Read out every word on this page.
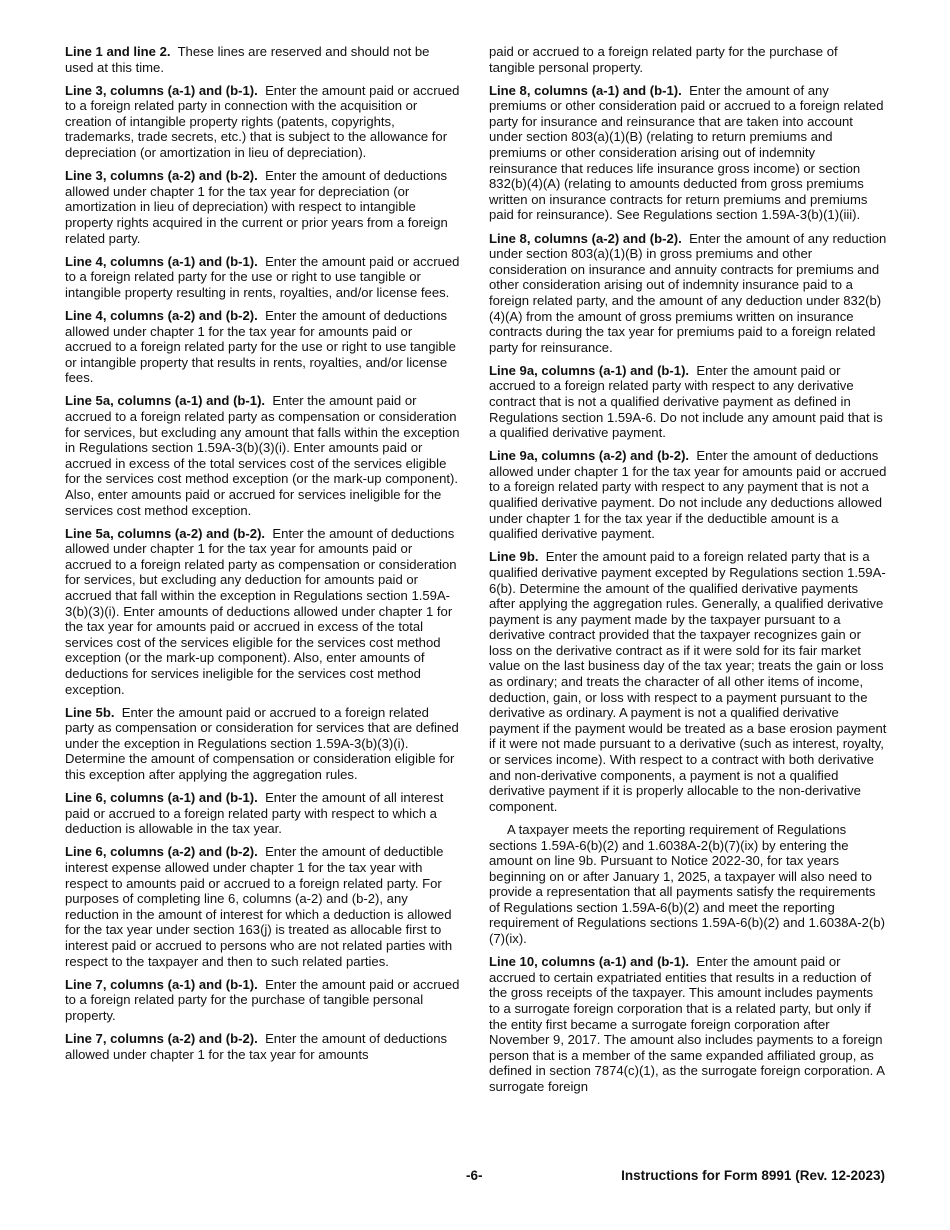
Line 1 and line 2. These lines are reserved and should not be used at this time.

Line 3, columns (a-1) and (b-1). Enter the amount paid or accrued to a foreign related party in connection with the acquisition or creation of intangible property rights (patents, copyrights, trademarks, trade secrets, etc.) that is subject to the allowance for depreciation (or amortization in lieu of depreciation).

Line 3, columns (a-2) and (b-2). Enter the amount of deductions allowed under chapter 1 for the tax year for depreciation (or amortization in lieu of depreciation) with respect to intangible property rights acquired in the current or prior years from a foreign related party.

Line 4, columns (a-1) and (b-1). Enter the amount paid or accrued to a foreign related party for the use or right to use tangible or intangible property resulting in rents, royalties, and/or license fees.

Line 4, columns (a-2) and (b-2). Enter the amount of deductions allowed under chapter 1 for the tax year for amounts paid or accrued to a foreign related party for the use or right to use tangible or intangible property that results in rents, royalties, and/or license fees.

Line 5a, columns (a-1) and (b-1). Enter the amount paid or accrued to a foreign related party as compensation or consideration for services, but excluding any amount that falls within the exception in Regulations section 1.59A-3(b)(3)(i). Enter amounts paid or accrued in excess of the total services cost of the services eligible for the services cost method exception (or the mark-up component). Also, enter amounts paid or accrued for services ineligible for the services cost method exception.

Line 5a, columns (a-2) and (b-2). Enter the amount of deductions allowed under chapter 1 for the tax year for amounts paid or accrued to a foreign related party as compensation or consideration for services, but excluding any deduction for amounts paid or accrued that fall within the exception in Regulations section 1.59A-3(b)(3)(i). Enter amounts of deductions allowed under chapter 1 for the tax year for amounts paid or accrued in excess of the total services cost of the services eligible for the services cost method exception (or the mark-up component). Also, enter amounts of deductions for services ineligible for the services cost method exception.

Line 5b. Enter the amount paid or accrued to a foreign related party as compensation or consideration for services that are defined under the exception in Regulations section 1.59A-3(b)(3)(i). Determine the amount of compensation or consideration eligible for this exception after applying the aggregation rules.

Line 6, columns (a-1) and (b-1). Enter the amount of all interest paid or accrued to a foreign related party with respect to which a deduction is allowable in the tax year.

Line 6, columns (a-2) and (b-2). Enter the amount of deductible interest expense allowed under chapter 1 for the tax year with respect to amounts paid or accrued to a foreign related party. For purposes of completing line 6, columns (a-2) and (b-2), any reduction in the amount of interest for which a deduction is allowed for the tax year under section 163(j) is treated as allocable first to interest paid or accrued to persons who are not related parties with respect to the taxpayer and then to such related parties.

Line 7, columns (a-1) and (b-1). Enter the amount paid or accrued to a foreign related party for the purchase of tangible personal property.

Line 7, columns (a-2) and (b-2). Enter the amount of deductions allowed under chapter 1 for the tax year for amounts

paid or accrued to a foreign related party for the purchase of tangible personal property.

Line 8, columns (a-1) and (b-1). Enter the amount of any premiums or other consideration paid or accrued to a foreign related party for insurance and reinsurance that are taken into account under section 803(a)(1)(B) (relating to return premiums and premiums or other consideration arising out of indemnity reinsurance that reduces life insurance gross income) or section 832(b)(4)(A) (relating to amounts deducted from gross premiums written on insurance contracts for return premiums and premiums paid for reinsurance). See Regulations section 1.59A-3(b)(1)(iii).

Line 8, columns (a-2) and (b-2). Enter the amount of any reduction under section 803(a)(1)(B) in gross premiums and other consideration on insurance and annuity contracts for premiums and other consideration arising out of indemnity insurance paid to a foreign related party, and the amount of any deduction under 832(b)(4)(A) from the amount of gross premiums written on insurance contracts during the tax year for premiums paid to a foreign related party for reinsurance.

Line 9a, columns (a-1) and (b-1). Enter the amount paid or accrued to a foreign related party with respect to any derivative contract that is not a qualified derivative payment as defined in Regulations section 1.59A-6. Do not include any amount paid that is a qualified derivative payment.

Line 9a, columns (a-2) and (b-2). Enter the amount of deductions allowed under chapter 1 for the tax year for amounts paid or accrued to a foreign related party with respect to any payment that is not a qualified derivative payment. Do not include any deductions allowed under chapter 1 for the tax year if the deductible amount is a qualified derivative payment.

Line 9b. Enter the amount paid to a foreign related party that is a qualified derivative payment excepted by Regulations section 1.59A-6(b). Determine the amount of the qualified derivative payments after applying the aggregation rules. Generally, a qualified derivative payment is any payment made by the taxpayer pursuant to a derivative contract provided that the taxpayer recognizes gain or loss on the derivative contract as if it were sold for its fair market value on the last business day of the tax year; treats the gain or loss as ordinary; and treats the character of all other items of income, deduction, gain, or loss with respect to a payment pursuant to the derivative as ordinary. A payment is not a qualified derivative payment if the payment would be treated as a base erosion payment if it were not made pursuant to a derivative (such as interest, royalty, or services income). With respect to a contract with both derivative and non-derivative components, a payment is not a qualified derivative payment if it is properly allocable to the non-derivative component.

A taxpayer meets the reporting requirement of Regulations sections 1.59A-6(b)(2) and 1.6038A-2(b)(7)(ix) by entering the amount on line 9b. Pursuant to Notice 2022-30, for tax years beginning on or after January 1, 2025, a taxpayer will also need to provide a representation that all payments satisfy the requirements of Regulations section 1.59A-6(b)(2) and meet the reporting requirement of Regulations sections 1.59A-6(b)(2) and 1.6038A-2(b)(7)(ix).

Line 10, columns (a-1) and (b-1). Enter the amount paid or accrued to certain expatriated entities that results in a reduction of the gross receipts of the taxpayer. This amount includes payments to a surrogate foreign corporation that is a related party, but only if the entity first became a surrogate foreign corporation after November 9, 2017. The amount also includes payments to a foreign person that is a member of the same expanded affiliated group, as defined in section 7874(c)(1), as the surrogate foreign corporation. A surrogate foreign

-6-	Instructions for Form 8991 (Rev. 12-2023)
